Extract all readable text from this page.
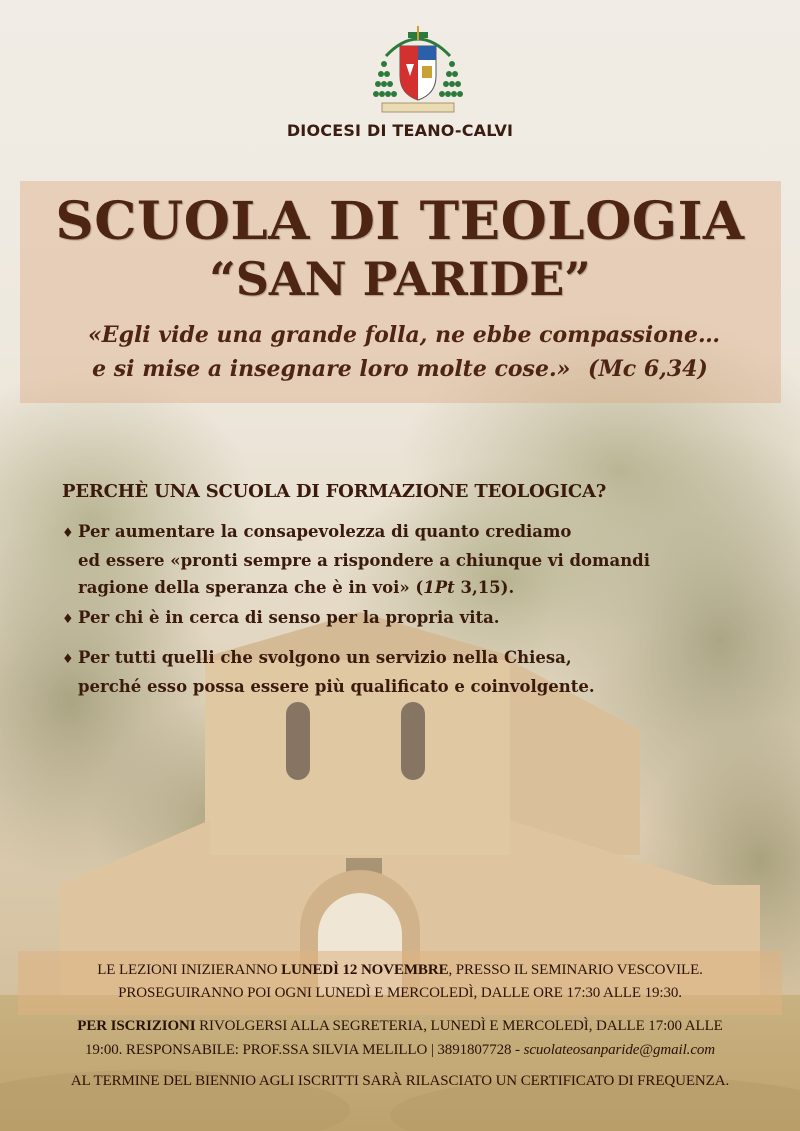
DIOCESI DI TEANO-CALVI
SCUOLA DI TEOLOGIA
“SAN PARIDE”
«Egli vide una grande folla, ne ebbe compassione…
e si mise a insegnare loro molte cose.» (Mc 6,34)
PERCHÈ UNA SCUOLA DI FORMAZIONE TEOLOGICA?
♦ Per aumentare la consapevolezza di quanto crediamo
ed essere «pronti sempre a rispondere a chiunque vi domandi
ragione della speranza che è in voi» (1Pt 3,15).
♦ Per chi è in cerca di senso per la propria vita.
♦ Per tutti quelli che svolgono un servizio nella Chiesa,
perché esso possa essere più qualificato e coinvolgente.
LE LEZIONI INIZIERANNO LUNEDÌ 12 NOVEMBRE, PRESSO IL SEMINARIO VESCOVILE.
PROSEGUIRANNO POI OGNI LUNEDÌ E MERCOLEDÌ, DALLE ORE 17:30 ALLE 19:30.
PER ISCRIZIONI RIVOLGERSI ALLA SEGRETERIA, LUNEDÌ E MERCOLEDÌ, DALLE 17:00 ALLE
19:00. RESPONSABILE: PROF.SSA SILVIA MELILLO | 3891807728 - scuolateosanparide@gmail.com
AL TERMINE DEL BIENNIO AGLI ISCRITTI SARÀ RILASCIATO UN CERTIFICATO DI FREQUENZA.
